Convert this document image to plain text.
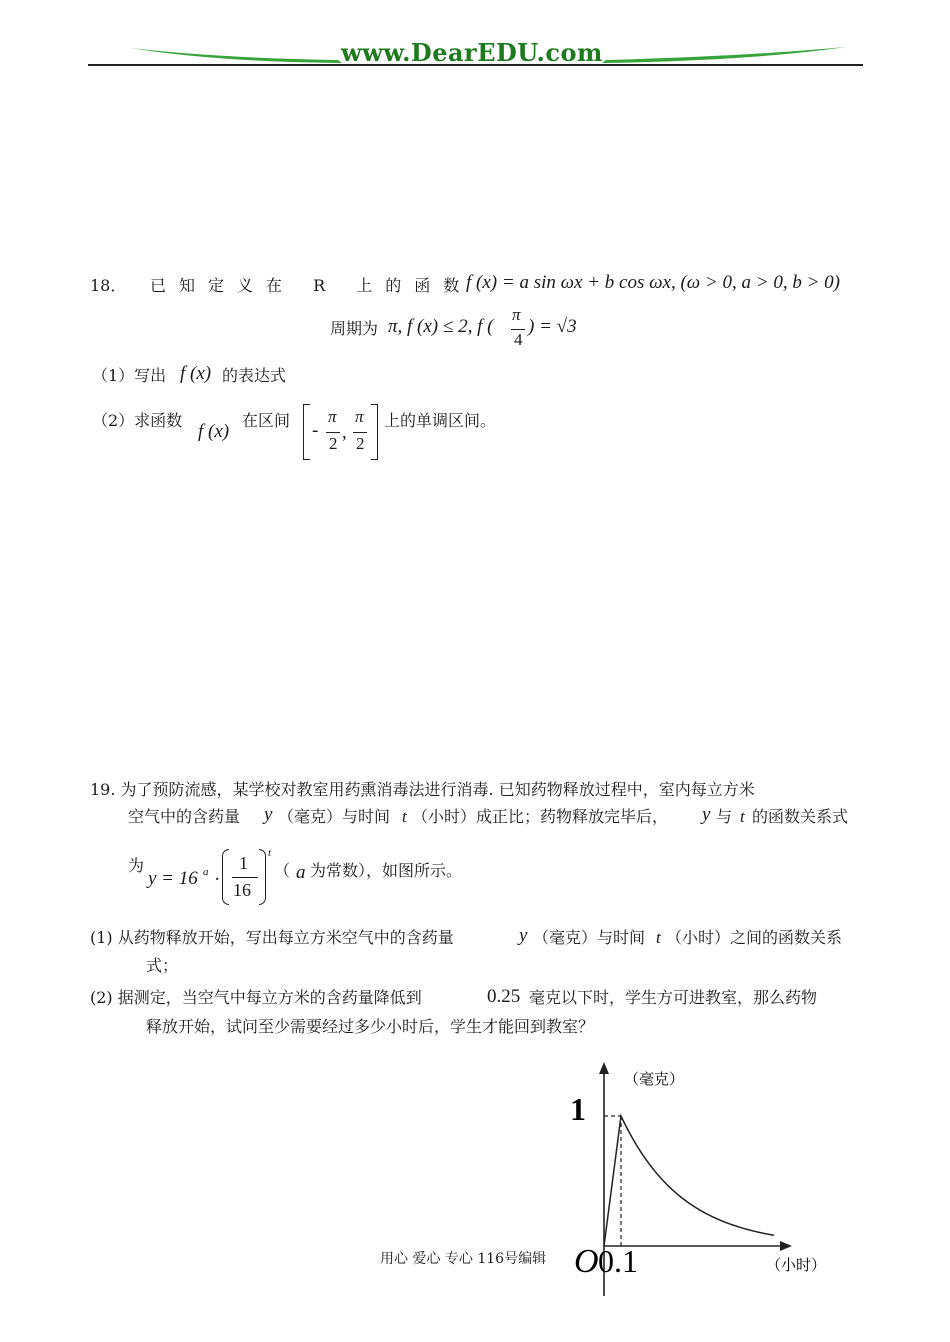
www.DearEDU.com
18． 已知定义在 R 上的函数
f (x) = a sin ωx + b cos ωx, (ω > 0, a > 0, b > 0)
周期为 π, f (x) ≤ 2, f (
π
4
) = √3
（1）写出 f (x) 的表达式
（2）求函数
f (x)
在区间 -
π
2
,
π
2
上的单调区间。
19. 为了预防流感，某学校对教室用药熏消毒法进行消毒. 已知药物释放过程中，室内每立方米
空气中的含药量 y （毫克）与时间 t （小时）成正比；药物释放完毕后， y 与 t 的函数关系式
为
y = 16 a ·
1
16
t
（ a 为常数），如图所示。
(1) 从药物释放开始，写出每立方米空气中的含药量	y （毫克）与时间 t （小时）之间的函数关系
式；
(2) 据测定，当空气中每立方米的含药量降低到	0.25 毫克以下时，学生方可进教室，那么药物
释放开始，试问至少需要经过多少小时后，学生才能回到教室？
（毫克）
（小时）
1
O 0.1
用心 爱心 专心 116号编辑
